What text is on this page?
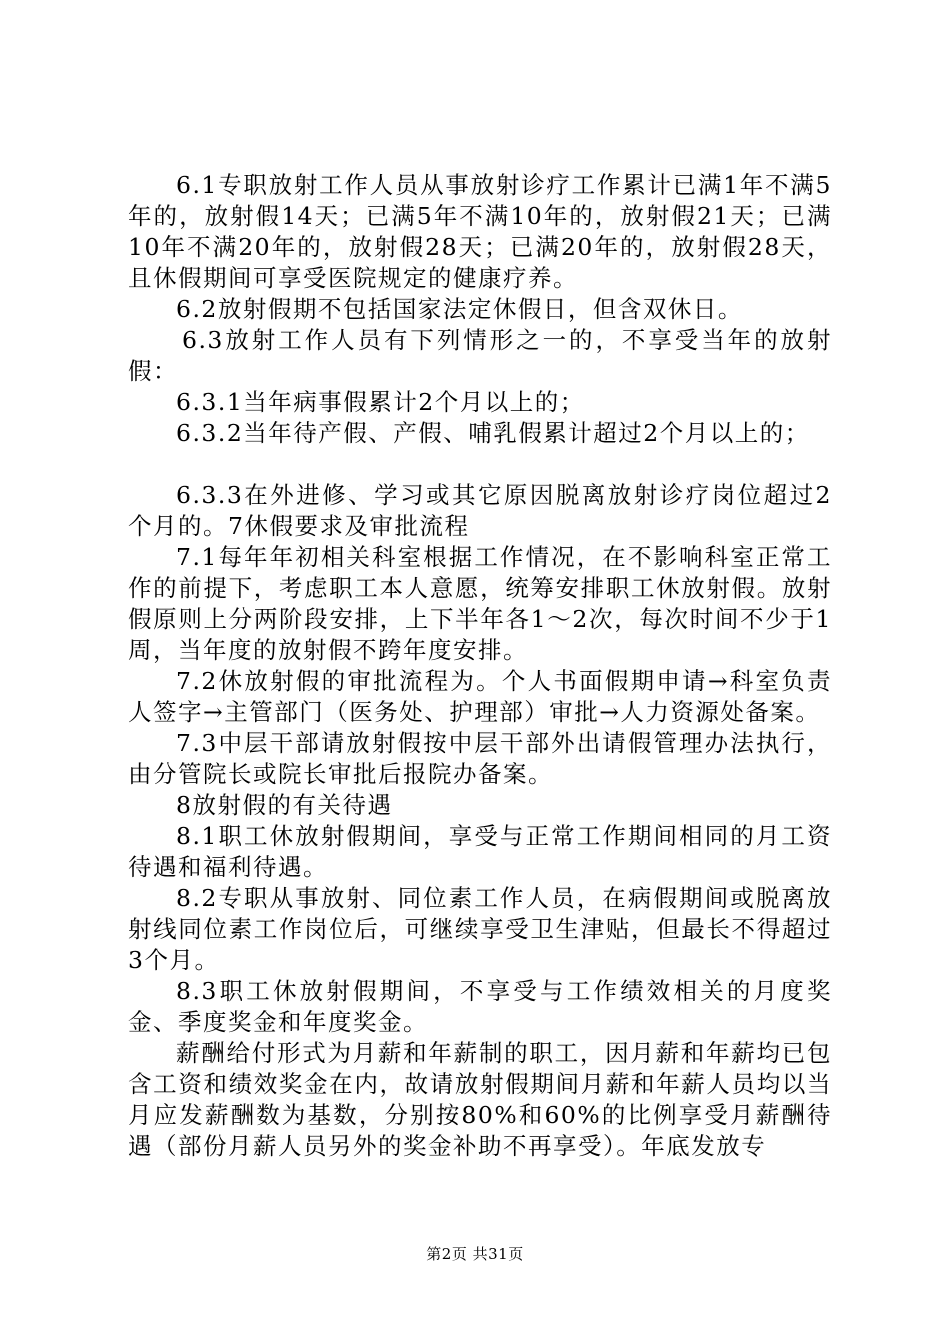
6.1专职放射工作人员从事放射诊疗工作累计已满1年不满5年的，放射假14天；已满5年不满10年的，放射假21天；已满10年不满20年的，放射假28天；已满20年的，放射假28天，且休假期间可享受医院规定的健康疗养。

6.2放射假期不包括国家法定休假日，但含双休日。

6.3放射工作人员有下列情形之一的，不享受当年的放射假：

6.3.1当年病事假累计2个月以上的；

6.3.2当年待产假、产假、哺乳假累计超过2个月以上的；

6.3.3在外进修、学习或其它原因脱离放射诊疗岗位超过2个月的。7休假要求及审批流程

7.1每年年初相关科室根据工作情况，在不影响科室正常工作的前提下，考虑职工本人意愿，统筹安排职工休放射假。放射假原则上分两阶段安排，上下半年各1～2次，每次时间不少于1周，当年度的放射假不跨年度安排。

7.2休放射假的审批流程为。个人书面假期申请→科室负责人签字→主管部门（医务处、护理部）审批→人力资源处备案。

7.3中层干部请放射假按中层干部外出请假管理办法执行，由分管院长或院长审批后报院办备案。

8放射假的有关待遇

8.1职工休放射假期间，享受与正常工作期间相同的月工资待遇和福利待遇。

8.2专职从事放射、同位素工作人员，在病假期间或脱离放射线同位素工作岗位后，可继续享受卫生津贴，但最长不得超过3个月。

8.3职工休放射假期间，不享受与工作绩效相关的月度奖金、季度奖金和年度奖金。

薪酬给付形式为月薪和年薪制的职工，因月薪和年薪均已包含工资和绩效奖金在内，故请放射假期间月薪和年薪人员均以当月应发薪酬数为基数，分别按80%和60%的比例享受月薪酬待遇（部份月薪人员另外的奖金补助不再享受）。年底发放专

第2页 共31页
